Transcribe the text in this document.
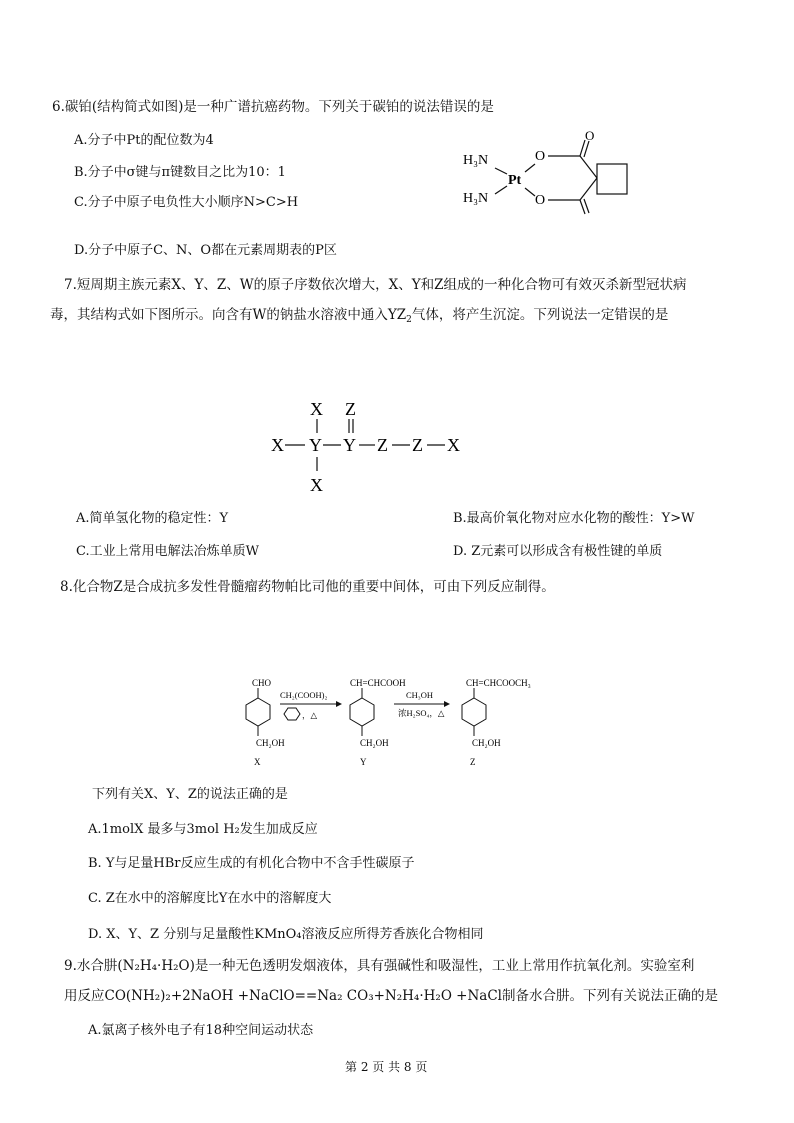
6.碳铂(结构简式如图)是一种广谱抗癌药物。下列关于碳铂的说法错误的是
A.分子中Pt的配位数为4
B.分子中σ键与π键数目之比为10：1
C.分子中原子电负性大小顺序N>C>H
D.分子中原子C、N、O都在元素周期表的P区
H₃N
H₃N
Pt
O
O
O
7.短周期主族元素X、Y、Z、W的原子序数依次增大，X、Y和Z组成的一种化合物可有效灭杀新型冠状病
毒，其结构式如下图所示。向含有W的钠盐水溶液中通入$YZ_2$气体，将产生沉淀。下列说法一定错误的是
X Z
X Y Y Z Z X
X
A.简单氢化物的稳定性：Y	B.最高价氧化物对应水化物的酸性：Y>W
C.工业上常用电解法冶炼单质W	D. Z元素可以形成含有极性键的单质
8.化合物Z是合成抗多发性骨髓瘤药物帕比司他的重要中间体，可由下列反应制得。
CHO
CH₂OH
X
CH₂(COOH)₂
，△
CH=CHCOOH
CH₂OH
Y
CH₃OH
浓H₂SO₄，△
CH=CHCOOCH₃
CH₂OH
Z
下列有关X、Y、Z的说法正确的是
A.1molX 最多与3mol H₂发生加成反应
B. Y与足量HBr反应生成的有机化合物中不含手性碳原子
C. Z在水中的溶解度比Y在水中的溶解度大
D. X、Y、Z 分别与足量酸性KMnO₄溶液反应所得芳香族化合物相同
9.水合肼(N₂H₄·H₂O)是一种无色透明发烟液体，具有强碱性和吸湿性，工业上常用作抗氧化剂。实验室利
用反应CO(NH₂)₂+2NaOH +NaClO==Na₂ CO₃+N₂H₄·H₂O +NaCl制备水合肼。下列有关说法正确的是
A.氯离子核外电子有18种空间运动状态
第 2 页 共 8 页
